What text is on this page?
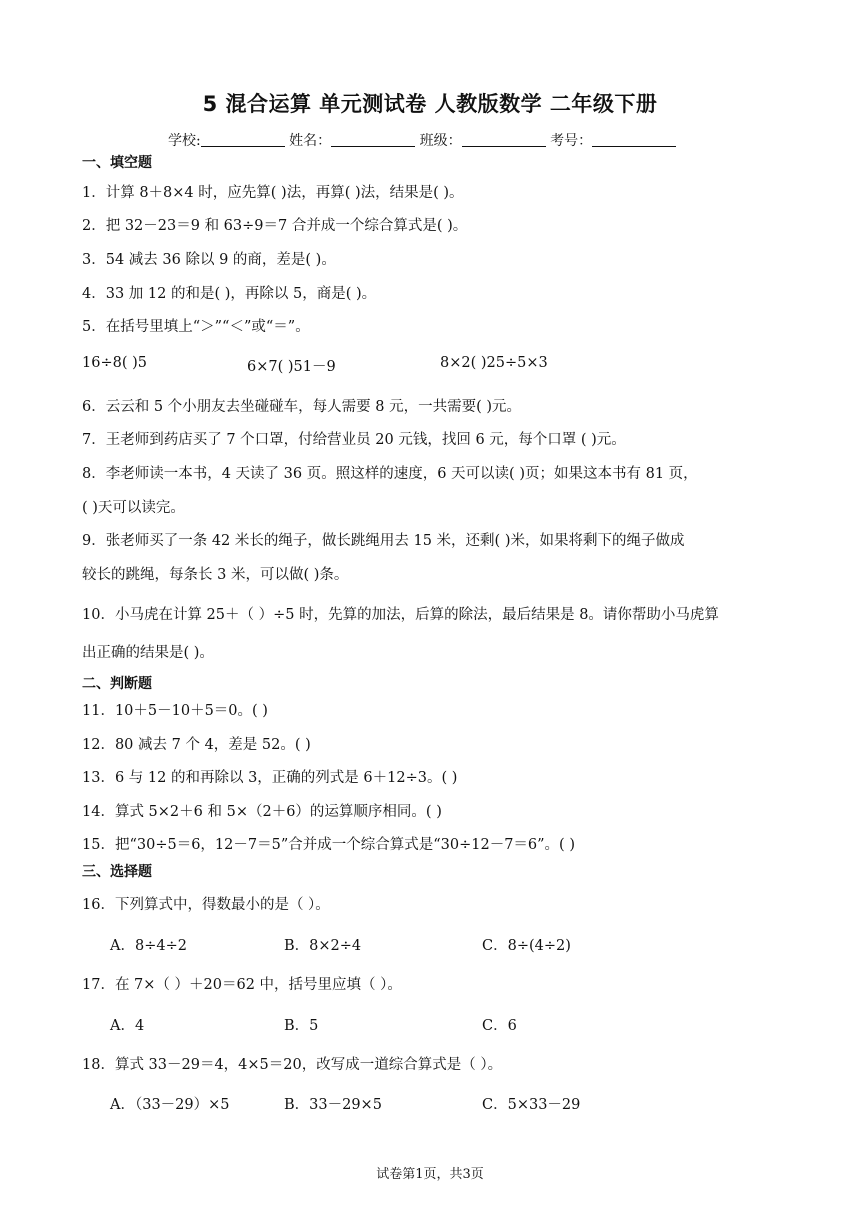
5 混合运算 单元测试卷 人教版数学 二年级下册
学校:	姓名：	班级：	考号：
一、填空题
1．计算 8＋8×4 时，应先算( )法，再算( )法，结果是( )。
2．把 32－23＝9 和 63÷9＝7 合并成一个综合算式是( )。
3．54 减去 36 除以 9 的商，差是( )。
4．33 加 12 的和是( )，再除以 5，商是( )。
5．在括号里填上“＞”“＜”或“＝”。
16÷8( )5	6×7( )51－9	8×2( )25÷5×3
6．云云和 5 个小朋友去坐碰碰车，每人需要 8 元，一共需要( )元。
7．王老师到药店买了 7 个口罩，付给营业员 20 元钱，找回 6 元，每个口罩 ( )元。
8．李老师读一本书，4 天读了 36 页。照这样的速度，6 天可以读( )页；如果这本书有 81 页，
( )天可以读完。
9．张老师买了一条 42 米长的绳子，做长跳绳用去 15 米，还剩( )米，如果将剩下的绳子做成
较长的跳绳，每条长 3 米，可以做( )条。
10．小马虎在计算 25＋（ ）÷5 时，先算的加法，后算的除法，最后结果是 8。请你帮助小马虎算
出正确的结果是( )。
二、判断题
11．10＋5－10＋5＝0。( )
12．80 减去 7 个 4，差是 52。( )
13．6 与 12 的和再除以 3，正确的列式是 6＋12÷3。( )
14．算式 5×2＋6 和 5×（2＋6）的运算顺序相同。( )
15．把“30÷5＝6，12－7＝5”合并成一个综合算式是“30÷12－7＝6”。( )
三、选择题
16．下列算式中，得数最小的是（ ）。
A．8÷4÷2	B．8×2÷4	C．8÷(4÷2)
17．在 7×（ ）＋20＝62 中，括号里应填（ ）。
A．4	B．5	C．6
18．算式 33－29＝4，4×5＝20，改写成一道综合算式是（ ）。
A．（33－29）×5	B．33－29×5	C．5×33－29
试卷第1页，共3页
